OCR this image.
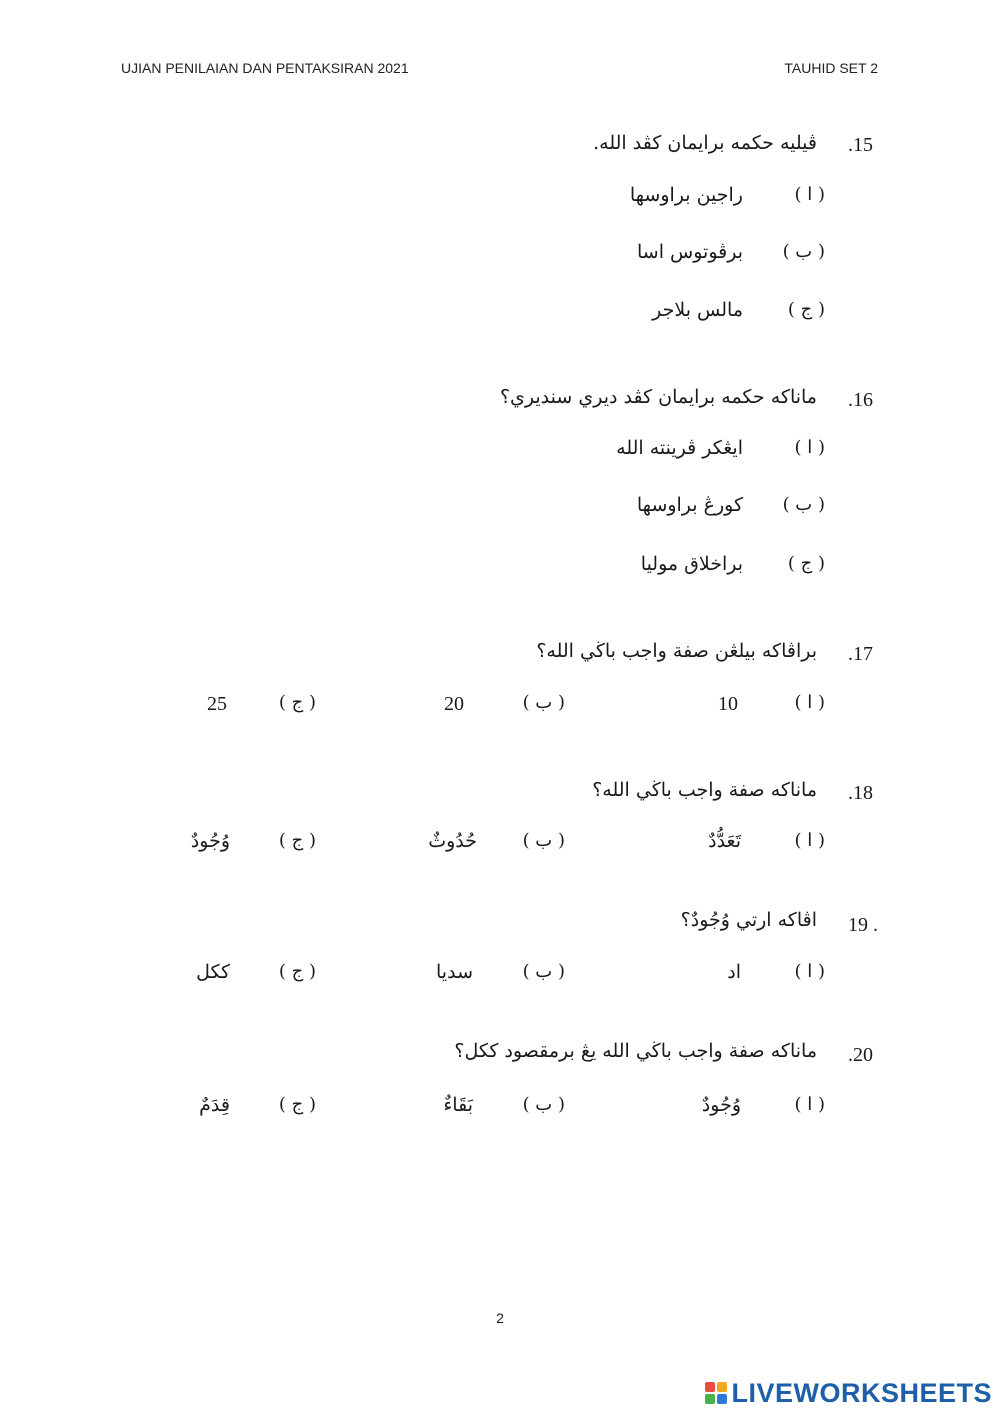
UJIAN PENILAIAN DAN PENTAKSIRAN 2021	TAUHID SET 2
.15
ڤيليه حکمه برايمان کڤد الله.
( ا )
راجين براوسها
( ب )
برڤوتوس اسا
( ج )
مالس بلاجر
.16
ماناکه حکمه برايمان کڤد ديري سنديري؟
( ا )
ايڠکر ڤرينته الله
( ب )
کورڠ براوسها
( ج )
براخلاق موليا
.17
براڤاکه بيلڠن صفة واجب باڬي الله؟
( ا )
10
( ب )
20
( ج )
25
.18
ماناکه صفة واجب باڬي الله؟
( ا )
تَعَدُّدٌ
( ب )
حُدُوثٌ
( ج )
وُجُودٌ
19 .
اڤاکه ارتي وُجُودٌ؟
( ا )
اد
( ب )
سديا
( ج )
ککل
.20
ماناکه صفة واجب باڬي الله يڠ برمقصود ککل؟
( ا )
وُجُودٌ
( ب )
بَقَاءٌ
( ج )
قِدَمٌ
2
LIVEWORKSHEETS
